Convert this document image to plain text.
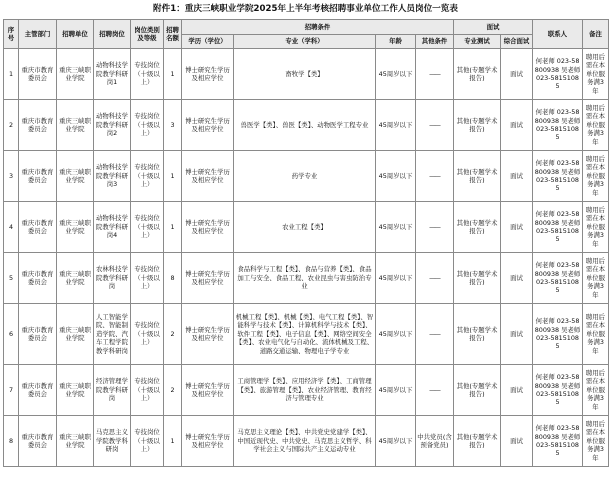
附件1：重庆三峡职业学院2025年上半年考核招聘事业单位工作人员岗位一览表
序号	主管部门	招聘单位	招聘岗位	岗位类别及等级	招聘名额	招聘条件				面试		联系人	备注
						学历（学位）	专业（学科）	年龄	其他条件	专业测试	综合面试		
1	重庆市教育委员会	重庆三峡职业学院	动物科技学院教学科研岗1	专技岗位（十级以上）	1	博士研究生学历及相应学位	畜牧学【类】	45周岁以下	——	其他(专题学术报告)	面试	何老师 023-58800938 吴老师 023-58151085	聘用后需在本单位服务满3年
2	重庆市教育委员会	重庆三峡职业学院	动物科技学院教学科研岗2	专技岗位（十级以上）	3	博士研究生学历及相应学位	兽医学【类】、兽医【类】、动物医学工程专业	45周岁以下	——	其他(专题学术报告)	面试	何老师 023-58800938 吴老师 023-58151085	聘用后需在本单位服务满3年
3	重庆市教育委员会	重庆三峡职业学院	动物科技学院教学科研岗3	专技岗位（十级以上）	1	博士研究生学历及相应学位	药学专业	45周岁以下	——	其他(专题学术报告)	面试	何老师 023-58800938 吴老师 023-58151085	聘用后需在本单位服务满3年
4	重庆市教育委员会	重庆三峡职业学院	动物科技学院教学科研岗4	专技岗位（十级以上）	1	博士研究生学历及相应学位	农业工程【类】	45周岁以下	——	其他(专题学术报告)	面试	何老师 023-58800938 吴老师 023-58151085	聘用后需在本单位服务满3年
5	重庆市教育委员会	重庆三峡职业学院	农林科技学院教学科研岗	专技岗位（十级以上）	8	博士研究生学历及相应学位	食品科学与工程【类】、食品与营养【类】、食品加工与安全、食品工程、农业昆虫与害虫防治专业	45周岁以下	——	其他(专题学术报告)	面试	何老师 023-58800938 吴老师 023-58151085	聘用后需在本单位服务满3年
6	重庆市教育委员会	重庆三峡职业学院	人工智能学院、智能制造学院、汽车工程学院教学科研岗	专技岗位（十级以上）	2	博士研究生学历及相应学位	机械工程【类】、机械【类】、电气工程【类】、智能科学与技术【类】、计算机科学与技术【类】、软件工程【类】、电子信息【类】、网络空间安全【类】、农业电气化与自动化、流体机械及工程、道路交通运输、物理电子学专业	45周岁以下	——	其他(专题学术报告)	面试	何老师 023-58800938 吴老师 023-58151085	聘用后需在本单位服务满3年
7	重庆市教育委员会	重庆三峡职业学院	经济管理学院教学科研岗	专技岗位（十级以上）	2	博士研究生学历及相应学位	工商管理学【类】、应用经济学【类】、工商管理【类】、旅游管理【类】、农业经济管理、教育经济与管理专业	45周岁以下	——	其他(专题学术报告)	面试	何老师 023-58800938 吴老师 023-58151085	聘用后需在本单位服务满3年
8	重庆市教育委员会	重庆三峡职业学院	马克思主义学院教学科研岗	专技岗位（十级以上）	1	博士研究生学历及相应学位	马克思主义理论【类】、中共党史党建学【类】、中国近现代史、中共党史、马克思主义哲学、科学社会主义与国际共产主义运动专业	45周岁以下	中共党员(含预备党员)	其他(专题学术报告)	面试	何老师 023-58800938 吴老师 023-58151085	聘用后需在本单位服务满3年
